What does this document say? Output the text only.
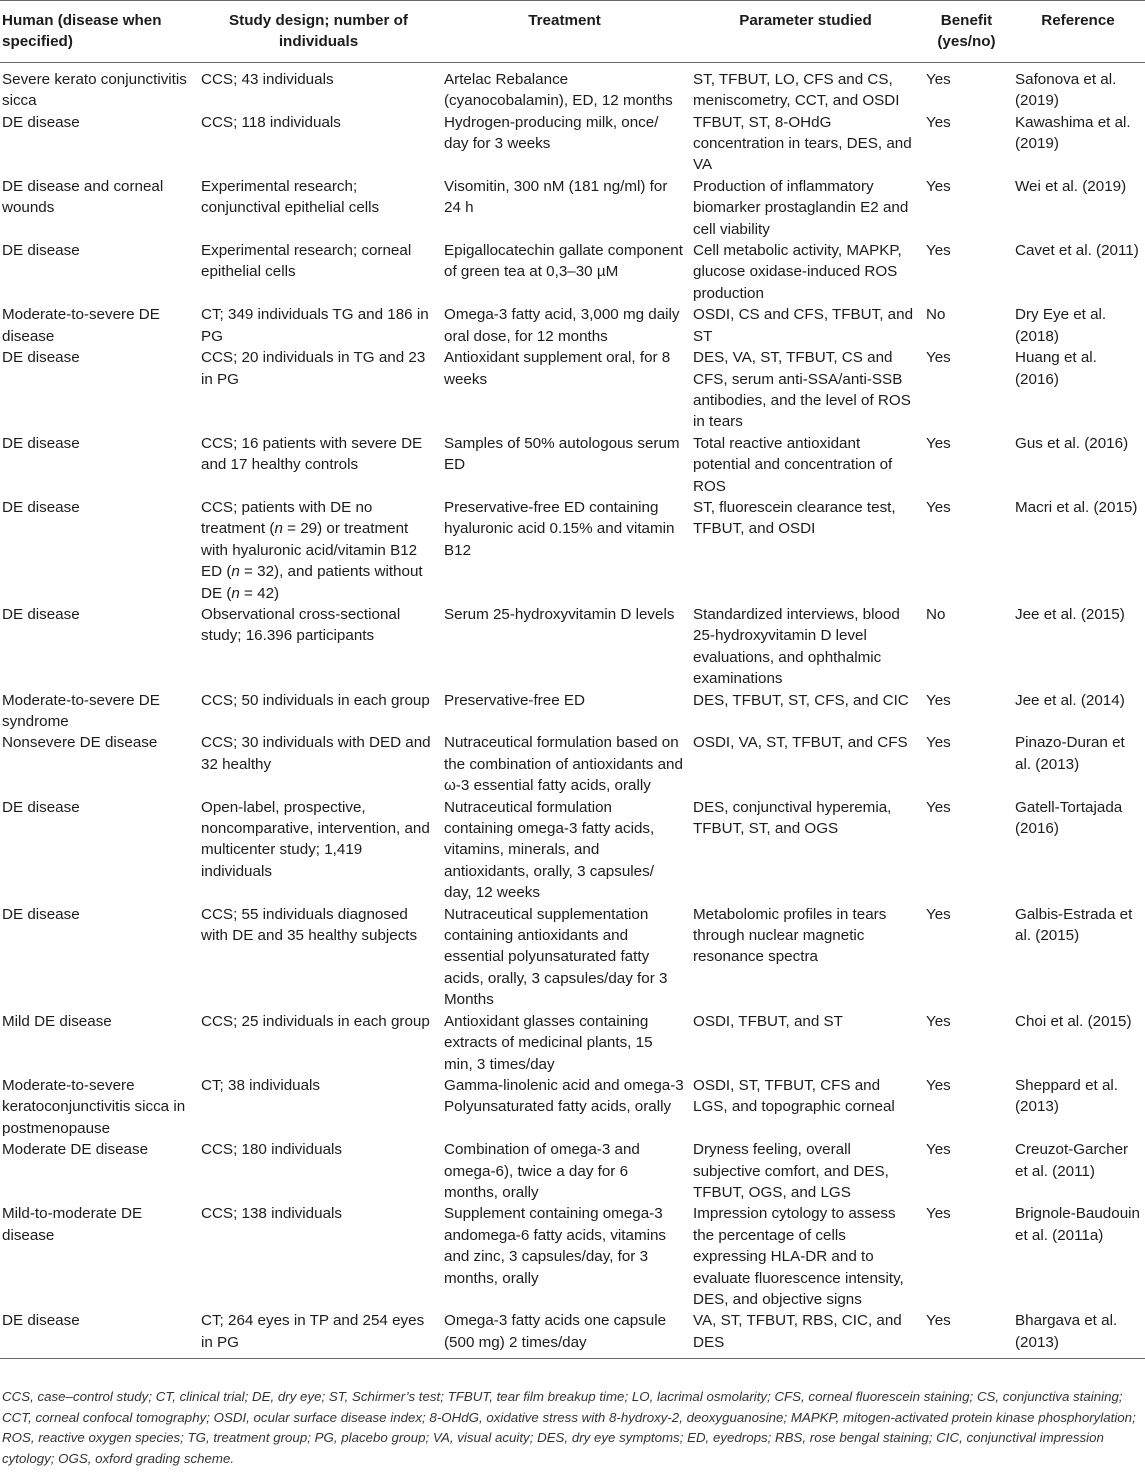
Human (disease when specified)	Study design; number of individuals	Treatment	Parameter studied	Benefit (yes/no)	Reference
Severe kerato conjunctivitis sicca	CCS; 43 individuals	Artelac Rebalance (cyanocobalamin), ED, 12 months	ST, TFBUT, LO, CFS and CS, meniscometry, CCT, and OSDI	Yes	Safonova et al. (2019)
DE disease	CCS; 118 individuals	Hydrogen-producing milk, once/ day for 3 weeks	TFBUT, ST, 8-OHdG concentration in tears, DES, and VA	Yes	Kawashima et al. (2019)
DE disease and corneal wounds	Experimental research; conjunctival epithelial cells	Visomitin, 300 nM (181 ng/ml) for 24 h	Production of inflammatory biomarker prostaglandin E2 and cell viability	Yes	Wei et al. (2019)
DE disease	Experimental research; corneal epithelial cells	Epigallocatechin gallate component of green tea at 0,3–30 µM	Cell metabolic activity, MAPKP, glucose oxidase-induced ROS production	Yes	Cavet et al. (2011)
Moderate-to-severe DE disease	CT; 349 individuals TG and 186 in PG	Omega-3 fatty acid, 3,000 mg daily oral dose, for 12 months	OSDI, CS and CFS, TFBUT, and ST	No	Dry Eye et al. (2018)
DE disease	CCS; 20 individuals in TG and 23 in PG	Antioxidant supplement oral, for 8 weeks	DES, VA, ST, TFBUT, CS and CFS, serum anti-SSA/anti-SSB antibodies, and the level of ROS in tears	Yes	Huang et al. (2016)
DE disease	CCS; 16 patients with severe DE and 17 healthy controls	Samples of 50% autologous serum ED	Total reactive antioxidant potential and concentration of ROS	Yes	Gus et al. (2016)
DE disease	CCS; patients with DE no treatment (n = 29) or treatment with hyaluronic acid/vitamin B12 ED (n = 32), and patients without DE (n = 42)	Preservative-free ED containing hyaluronic acid 0.15% and vitamin B12	ST, fluorescein clearance test, TFBUT, and OSDI	Yes	Macri et al. (2015)
DE disease	Observational cross-sectional study; 16.396 participants	Serum 25-hydroxyvitamin D levels	Standardized interviews, blood 25-hydroxyvitamin D level evaluations, and ophthalmic examinations	No	Jee et al. (2015)
Moderate-to-severe DE syndrome	CCS; 50 individuals in each group	Preservative-free ED	DES, TFBUT, ST, CFS, and CIC	Yes	Jee et al. (2014)
Nonsevere DE disease	CCS; 30 individuals with DED and 32 healthy	Nutraceutical formulation based on the combination of antioxidants and ω-3 essential fatty acids, orally	OSDI, VA, ST, TFBUT, and CFS	Yes	Pinazo-Duran et al. (2013)
DE disease	Open-label, prospective, noncomparative, intervention, and multicenter study; 1,419 individuals	Nutraceutical formulation containing omega-3 fatty acids, vitamins, minerals, and antioxidants, orally, 3 capsules/ day, 12 weeks	DES, conjunctival hyperemia, TFBUT, ST, and OGS	Yes	Gatell-Tortajada (2016)
DE disease	CCS; 55 individuals diagnosed with DE and 35 healthy subjects	Nutraceutical supplementation containing antioxidants and essential polyunsaturated fatty acids, orally, 3 capsules/day for 3 Months	Metabolomic profiles in tears through nuclear magnetic resonance spectra	Yes	Galbis-Estrada et al. (2015)
Mild DE disease	CCS; 25 individuals in each group	Antioxidant glasses containing extracts of medicinal plants, 15 min, 3 times/day	OSDI, TFBUT, and ST	Yes	Choi et al. (2015)
Moderate-to-severe keratoconjunctivitis sicca in postmenopause	CT; 38 individuals	Gamma-linolenic acid and omega-3 Polyunsaturated fatty acids, orally	OSDI, ST, TFBUT, CFS and LGS, and topographic corneal	Yes	Sheppard et al. (2013)
Moderate DE disease	CCS; 180 individuals	Combination of omega-3 and omega-6), twice a day for 6 months, orally	Dryness feeling, overall subjective comfort, and DES, TFBUT, OGS, and LGS	Yes	Creuzot-Garcher et al. (2011)
Mild-to-moderate DE disease	CCS; 138 individuals	Supplement containing omega-3 andomega-6 fatty acids, vitamins and zinc, 3 capsules/day, for 3 months, orally	Impression cytology to assess the percentage of cells expressing HLA-DR and to evaluate fluorescence intensity, DES, and objective signs	Yes	Brignole-Baudouin et al. (2011a)
DE disease	CT; 264 eyes in TP and 254 eyes in PG	Omega-3 fatty acids one capsule (500 mg) 2 times/day	VA, ST, TFBUT, RBS, CIC, and DES	Yes	Bhargava et al. (2013)
CCS, case–control study; CT, clinical trial; DE, dry eye; ST, Schirmer’s test; TFBUT, tear film breakup time; LO, lacrimal osmolarity; CFS, corneal fluorescein staining; CS, conjunctiva staining; CCT, corneal confocal tomography; OSDI, ocular surface disease index; 8-OHdG, oxidative stress with 8-hydroxy-2, deoxyguanosine; MAPKP, mitogen-activated protein kinase phosphorylation; ROS, reactive oxygen species; TG, treatment group; PG, placebo group; VA, visual acuity; DES, dry eye symptoms; ED, eyedrops; RBS, rose bengal staining; CIC, conjunctival impression cytology; OGS, oxford grading scheme.
